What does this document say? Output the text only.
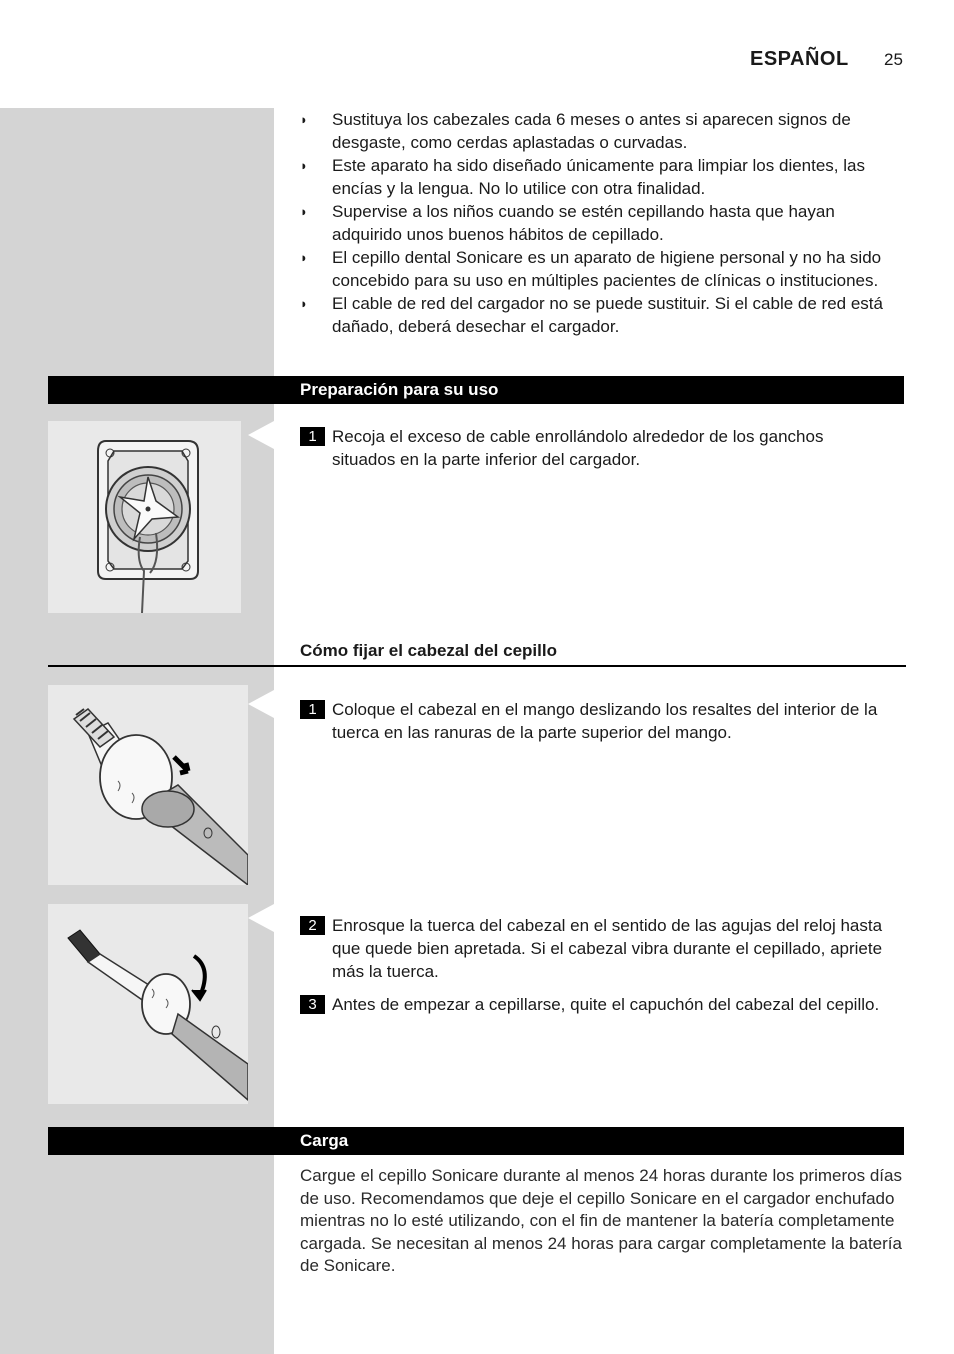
ESPAÑOL 25
◗ Sustituya los cabezales cada 6 meses o antes si aparecen signos de desgaste, como cerdas aplastadas o curvadas.
◗ Este aparato ha sido diseñado únicamente para limpiar los dientes, las encías y la lengua. No lo utilice con otra finalidad.
◗ Supervise a los niños cuando se estén cepillando hasta que hayan adquirido unos buenos hábitos de cepillado.
◗ El cepillo dental Sonicare es un aparato de higiene personal y no ha sido concebido para su uso en múltiples pacientes de clínicas o instituciones.
◗ El cable de red del cargador no se puede sustituir. Si el cable de red está dañado, deberá desechar el cargador.
Preparación para su uso
1 Recoja el exceso de cable enrollándolo alrededor de los ganchos situados en la parte inferior del cargador.
Cómo fijar el cabezal del cepillo
1 Coloque el cabezal en el mango deslizando los resaltes del interior de la tuerca en las ranuras de la parte superior del mango.
2 Enrosque la tuerca del cabezal en el sentido de las agujas del reloj hasta que quede bien apretada. Si el cabezal vibra durante el cepillado, apriete más la tuerca.
3 Antes de empezar a cepillarse, quite el capuchón del cabezal del cepillo.
Carga
Cargue el cepillo Sonicare durante al menos 24 horas durante los primeros días de uso. Recomendamos que deje el cepillo Sonicare en el cargador enchufado mientras no lo esté utilizando, con el fin de mantener la batería completamente cargada. Se necesitan al menos 24 horas para cargar completamente la batería de Sonicare.
